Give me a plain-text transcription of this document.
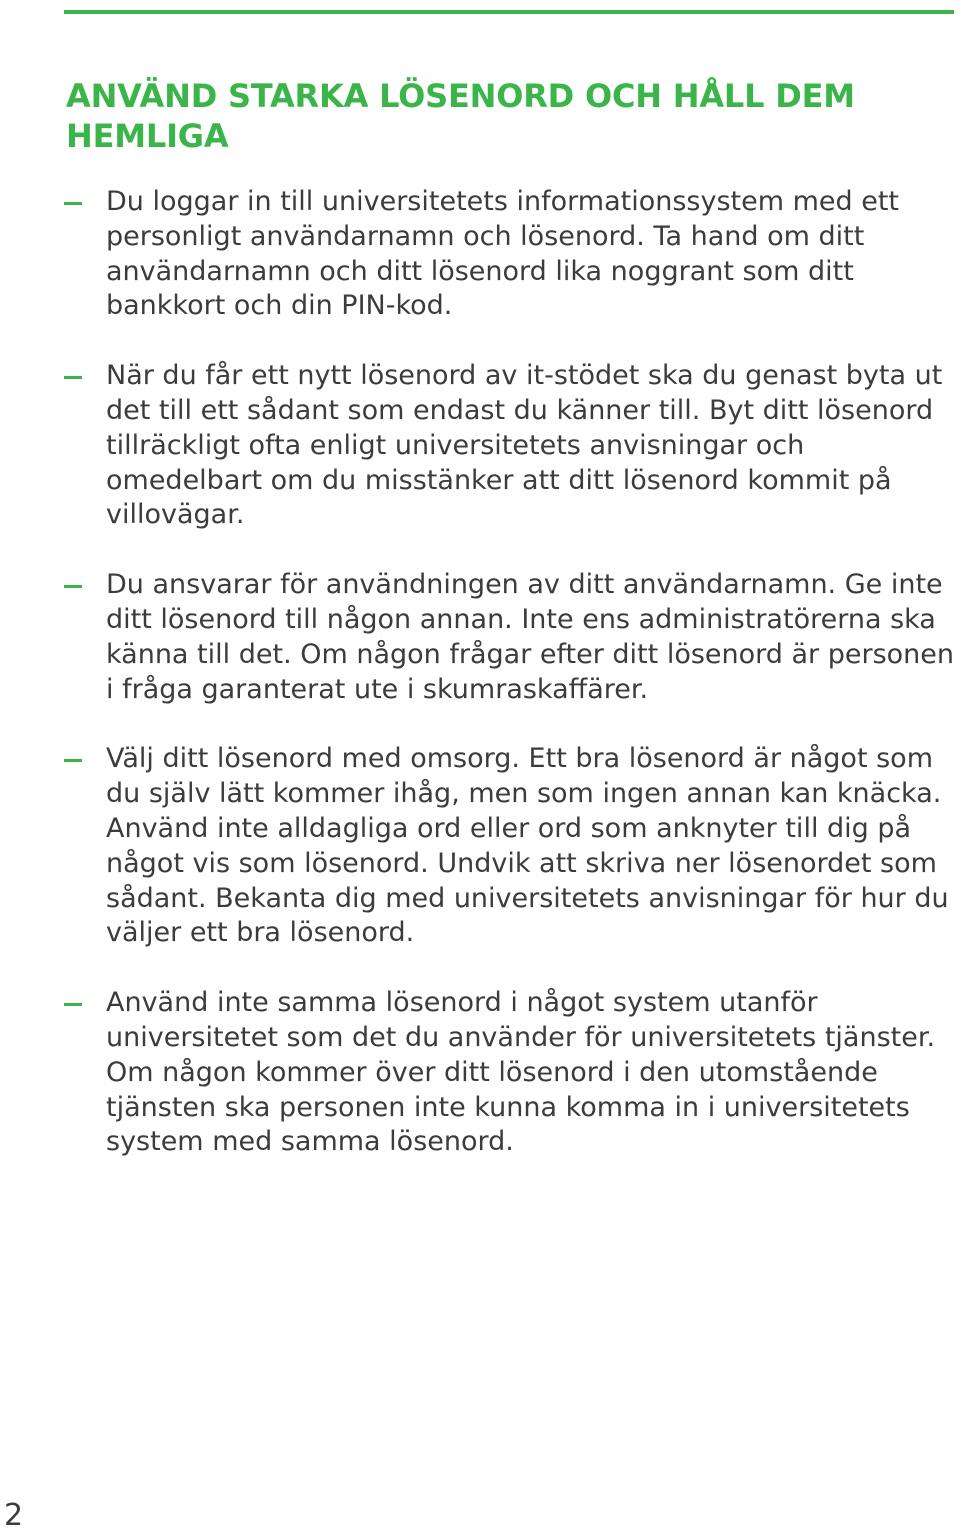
ANVÄND STARKA LÖSENORD OCH HÅLL DEM HEMLIGA
Du loggar in till universitetets informationssystem med ett personligt användarnamn och lösenord. Ta hand om ditt användarnamn och ditt lösenord lika noggrant som ditt bankkort och din PIN-kod.
När du får ett nytt lösenord av it-stödet ska du genast byta ut det till ett sådant som endast du känner till. Byt ditt lösenord tillräckligt ofta enligt universitetets anvisningar och omedelbart om du misstänker att ditt lösenord kommit på villovägar.
Du ansvarar för användningen av ditt användarnamn. Ge inte ditt lösenord till någon annan. Inte ens administratörerna ska känna till det. Om någon frågar efter ditt lösenord är personen i fråga garanterat ute i skumraskaffärer.
Välj ditt lösenord med omsorg. Ett bra lösenord är något som du själv lätt kommer ihåg, men som ingen annan kan knäcka. Använd inte alldagliga ord eller ord som anknyter till dig på något vis som lösenord. Undvik att skriva ner lösenordet som sådant. Bekanta dig med universitetets anvisningar för hur du väljer ett bra lösenord.
Använd inte samma lösenord i något system utanför universitetet som det du använder för universitetets tjänster. Om någon kommer över ditt lösenord i den utomstående tjänsten ska personen inte kunna komma in i universitetets system med samma lösenord.
2
